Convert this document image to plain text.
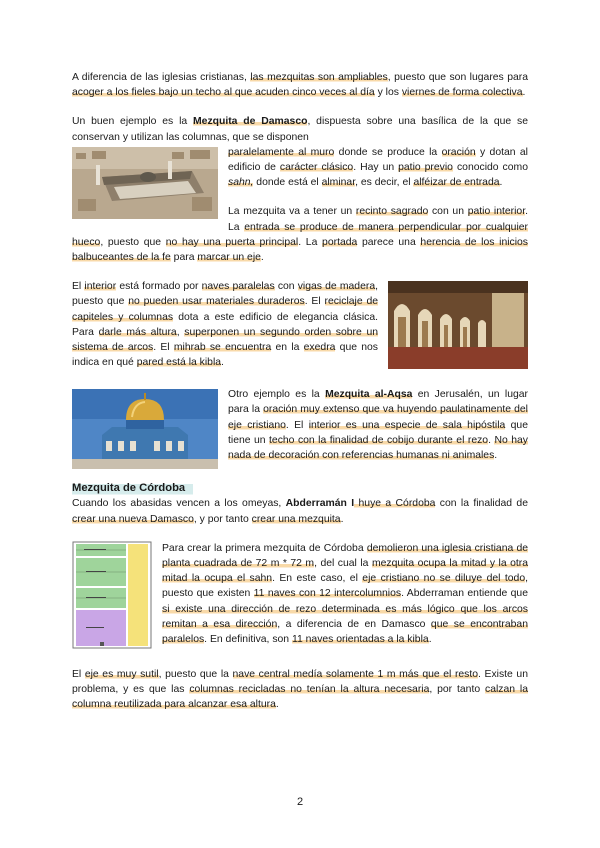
A diferencia de las iglesias cristianas, las mezquitas son ampliables, puesto que son lugares para acoger a los fieles bajo un techo al que acuden cinco veces al día y los viernes de forma colectiva.

Un buen ejemplo es la Mezquita de Damasco, dispuesta sobre una basílica de la que se conservan y utilizan las columnas, que se disponen

paralelamente al muro donde se produce la oración y dotan al edificio de carácter clásico. Hay un patio previo conocido como sahn, donde está el alminar, es decir, el alféizar de entrada.

La mezquita va a tener un recinto sagrado con un patio interior. La entrada se produce de manera perpendicular por cualquier hueco, puesto que no hay una puerta principal. La portada parece una herencia de los inicios balbuceantes de la fe para marcar un eje.

El interior está formado por naves paralelas con vigas de madera, puesto que no pueden usar materiales duraderos. El reciclaje de capiteles y columnas dota a este edificio de elegancia clásica. Para darle más altura, superponen un segundo orden sobre un sistema de arcos. El mihrab se encuentra en la exedra que nos indica en qué pared está la kibla.

Otro ejemplo es la Mezquita al-Aqsa en Jerusalén, un lugar para la oración muy extenso que va huyendo paulatinamente del eje cristiano. El interior es una especie de sala hipóstila que tiene un techo con la finalidad de cobijo durante el rezo. No hay nada de decoración con referencias humanas ni animales.

Mezquita de Córdoba

Cuando los abasidas vencen a los omeyas, Abderramán I huye a Córdoba con la finalidad de crear una nueva Damasco, y por tanto crear una mezquita.

Para crear la primera mezquita de Córdoba demolieron una iglesia cristiana de planta cuadrada de 72 m * 72 m, del cual la mezquita ocupa la mitad y la otra mitad la ocupa el sahn. En este caso, el eje cristiano no se diluye del todo, puesto que existen 11 naves con 12 intercolumnios. Abderraman entiende que si existe una dirección de rezo determinada es más lógico que los arcos remitan a esa dirección, a diferencia de en Damasco que se encontraban paralelos. En definitiva, son 11 naves orientadas a la kibla.

El eje es muy sutil, puesto que la nave central medía solamente 1 m más que el resto. Existe un problema, y es que las columnas recicladas no tenían la altura necesaria, por tanto calzan la columna reutilizada para alcanzar esa altura.

2
